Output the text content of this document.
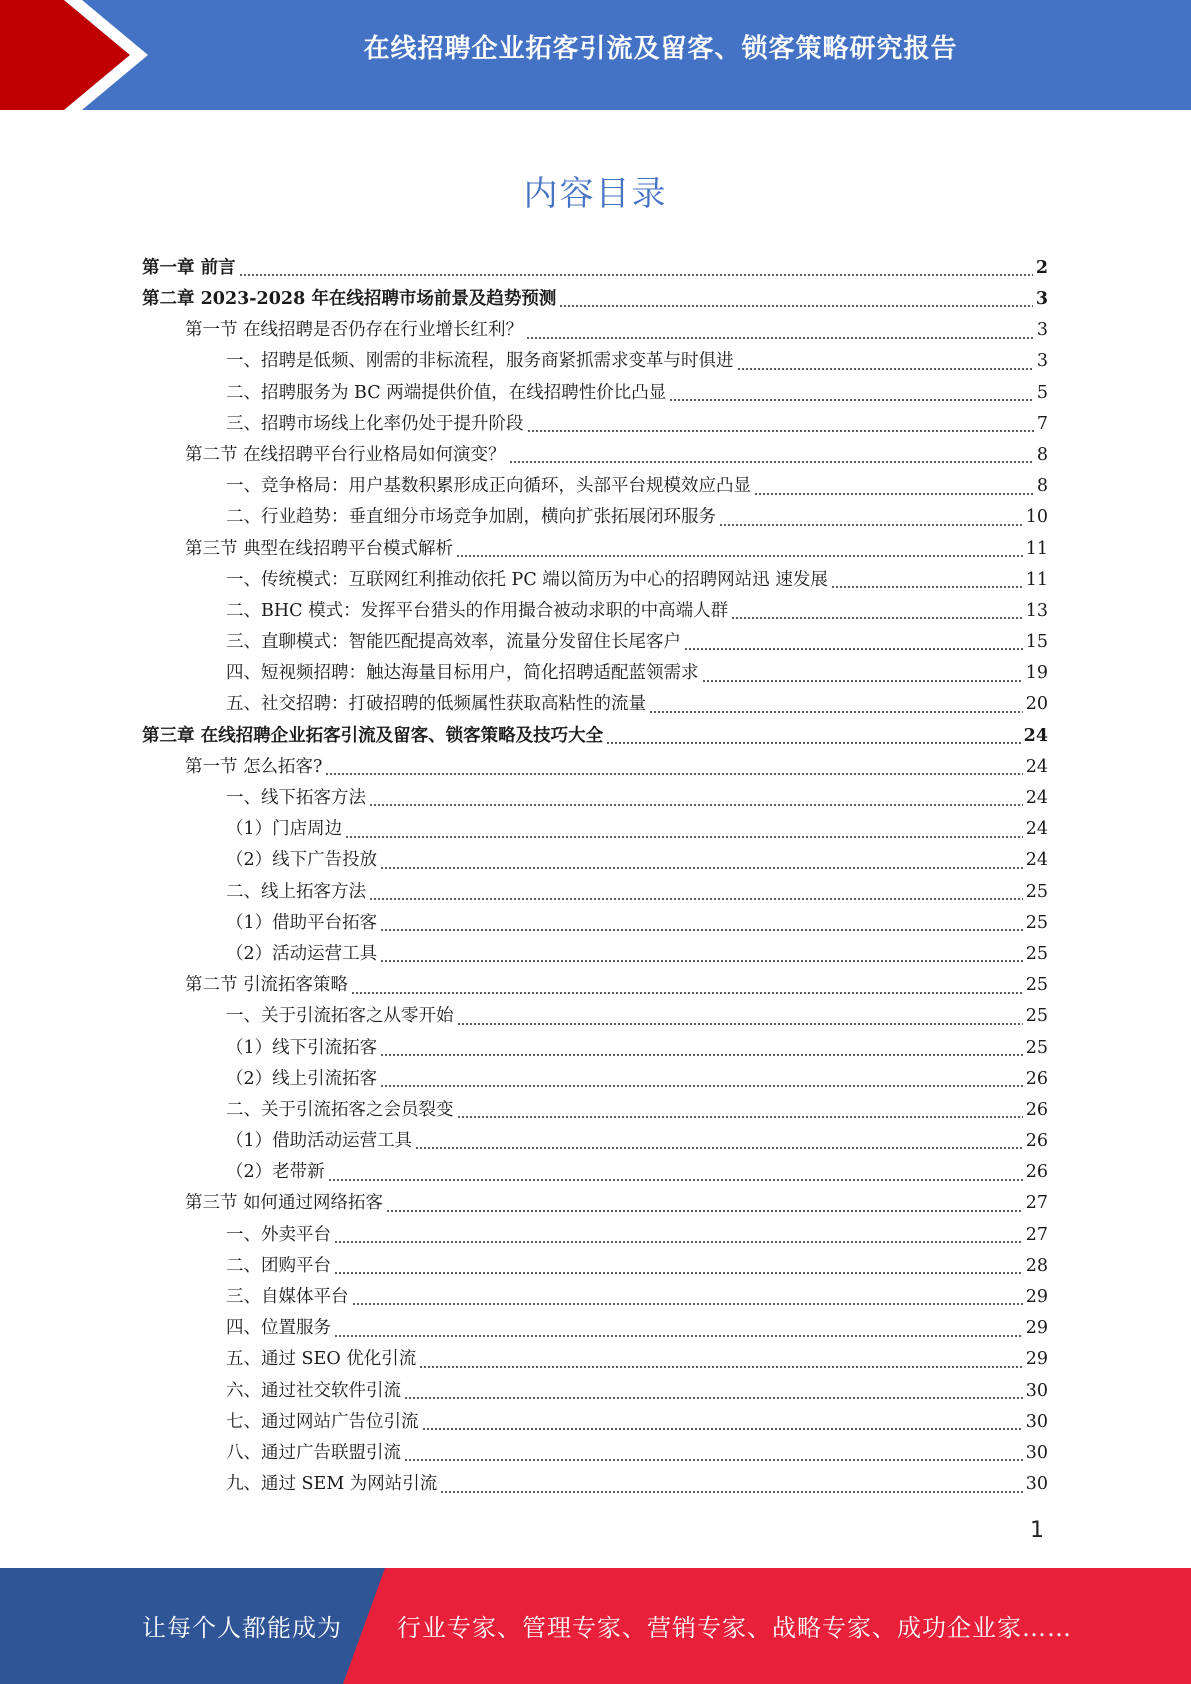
在线招聘企业拓客引流及留客、锁客策略研究报告
内容目录
第一章 前言	2
第二章 2023-2028 年在线招聘市场前景及趋势预测	3
第一节 在线招聘是否仍存在行业增长红利？	3
一、招聘是低频、刚需的非标流程，服务商紧抓需求变革与时俱进	3
二、招聘服务为 BC 两端提供价值，在线招聘性价比凸显	5
三、招聘市场线上化率仍处于提升阶段	7
第二节 在线招聘平台行业格局如何演变？	8
一、竞争格局：用户基数积累形成正向循环，头部平台规模效应凸显	8
二、行业趋势：垂直细分市场竞争加剧，横向扩张拓展闭环服务	10
第三节 典型在线招聘平台模式解析	11
一、传统模式：互联网红利推动依托 PC 端以简历为中心的招聘网站迅 速发展	11
二、BHC 模式：发挥平台猎头的作用撮合被动求职的中高端人群	13
三、直聊模式：智能匹配提高效率，流量分发留住长尾客户	15
四、短视频招聘：触达海量目标用户，简化招聘适配蓝领需求	19
五、社交招聘：打破招聘的低频属性获取高粘性的流量	20
第三章 在线招聘企业拓客引流及留客、锁客策略及技巧大全	24
第一节 怎么拓客?	24
一、线下拓客方法	24
（1）门店周边	24
（2）线下广告投放	24
二、线上拓客方法	25
（1）借助平台拓客	25
（2）活动运营工具	25
第二节 引流拓客策略	25
一、关于引流拓客之从零开始	25
（1）线下引流拓客	25
（2）线上引流拓客	26
二、关于引流拓客之会员裂变	26
（1）借助活动运营工具	26
（2）老带新	26
第三节 如何通过网络拓客	27
一、外卖平台	27
二、团购平台	28
三、自媒体平台	29
四、位置服务	29
五、通过 SEO 优化引流	29
六、通过社交软件引流	30
七、通过网站广告位引流	30
八、通过广告联盟引流	30
九、通过 SEM 为网站引流	30
1
让每个人都能成为 行业专家、管理专家、营销专家、战略专家、成功企业家……
